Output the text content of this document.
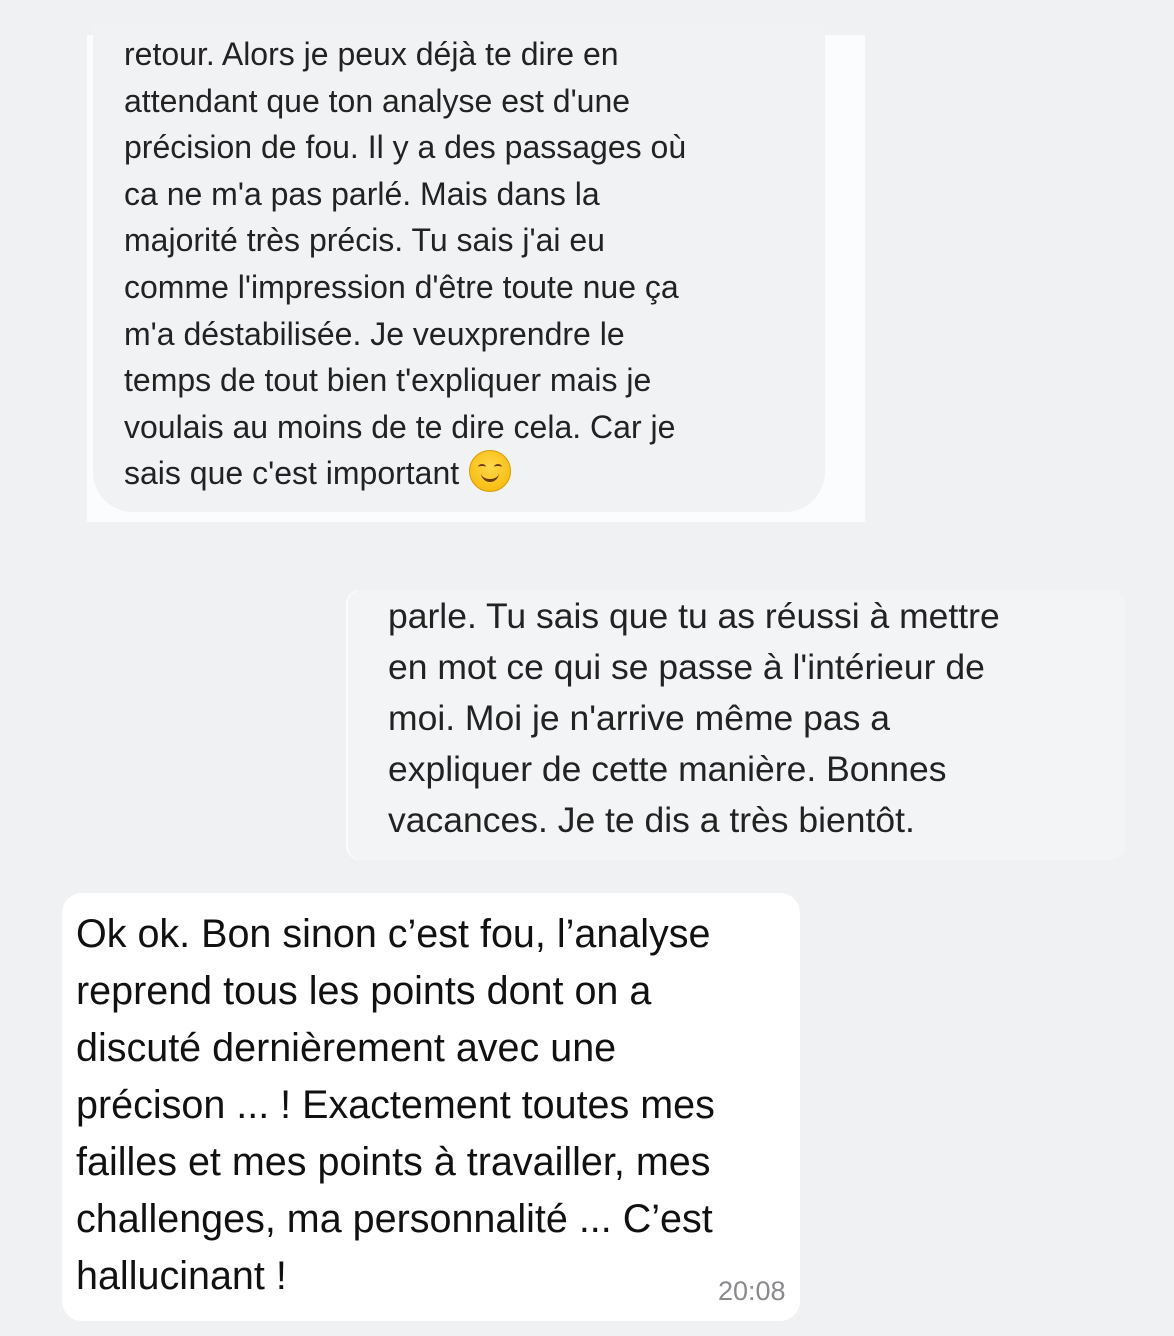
retour. Alors je peux déjà te dire en
attendant que ton analyse est d'une
précision de fou. Il y a des passages où
ca ne m'a pas parlé. Mais dans la
majorité très précis. Tu sais j'ai eu
comme l'impression d'être toute nue ça
m'a déstabilisée. Je veuxprendre le
temps de tout bien t'expliquer mais je
voulais au moins de te dire cela. Car je
sais que c'est important
parle. Tu sais que tu as réussi à mettre
en mot ce qui se passe à l'intérieur de
moi. Moi je n'arrive même pas a
expliquer de cette manière. Bonnes
vacances. Je te dis a très bientôt.
Ok ok. Bon sinon c’est fou, l’analyse
reprend tous les points dont on a
discuté dernièrement avec une
précison ... ! Exactement toutes mes
failles et mes points à travailler, mes
challenges, ma personnalité ... C’est
hallucinant !	20:08
